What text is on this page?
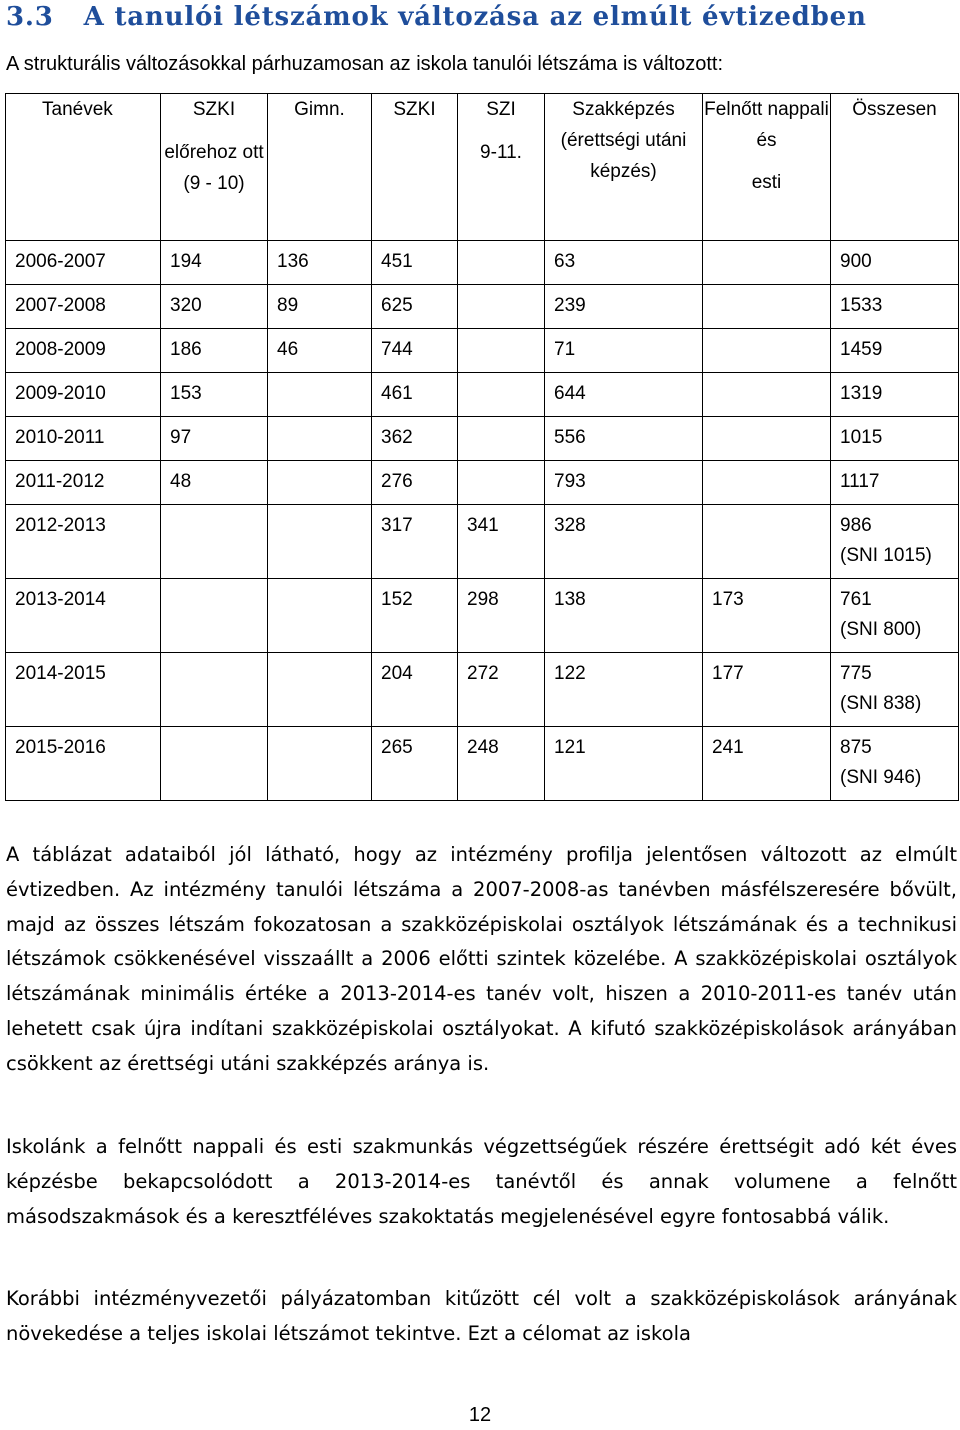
3.3 A tanulói létszámok változása az elmúlt évtizedben

A strukturális változásokkal párhuzamosan az iskola tanulói létszáma is változott:

Tanévek	SZKI
előrehoz ott
(9 - 10)	Gimn.	SZKI	SZI
9-11.	Szakképzés
(érettségi utáni képzés)	Felnőtt nappali és
esti	Összesen
2006-2007	194	136	451		63		900

2007-2008	320	89	625		239		1533

2008-2009	186	46	744		71		1459

2009-2010	153		461		644		1319

2010-2011	97		362		556		1015

2011-2012	48		276		793		1117

2012-2013			317	341	328		986
(SNI 1015)

2013-2014			152	298	138	173	761
(SNI 800)

2014-2015			204	272	122	177	775
(SNI 838)

2015-2016			265	248	121	241	875
(SNI 946)

A táblázat adataiból jól látható, hogy az intézmény profilja jelentősen változott az elmúlt évtizedben. Az intézmény tanulói létszáma a 2007-2008-as tanévben másfélszeresére bővült, majd az összes létszám fokozatosan a szakközépiskolai osztályok létszámának és a technikusi létszámok csökkenésével visszaállt a 2006 előtti szintek közelébe. A szakközépiskolai osztályok létszámának minimális értéke a 2013-2014-es tanév volt, hiszen a 2010-2011-es tanév után lehetett csak újra indítani szakközépiskolai osztályokat. A kifutó szakközépiskolások arányában csökkent az érettségi utáni szakképzés aránya is.

Iskolánk a felnőtt nappali és esti szakmunkás végzettségűek részére érettségit adó két éves képzésbe bekapcsolódott a 2013-2014-es tanévtől és annak volumene a felnőtt másodszakmások és a keresztféléves szakoktatás megjelenésével egyre fontosabbá válik.

Korábbi intézményvezetői pályázatomban kitűzött cél volt a szakközépiskolások arányának növekedése a teljes iskolai létszámot tekintve. Ezt a célomat az iskola

12
